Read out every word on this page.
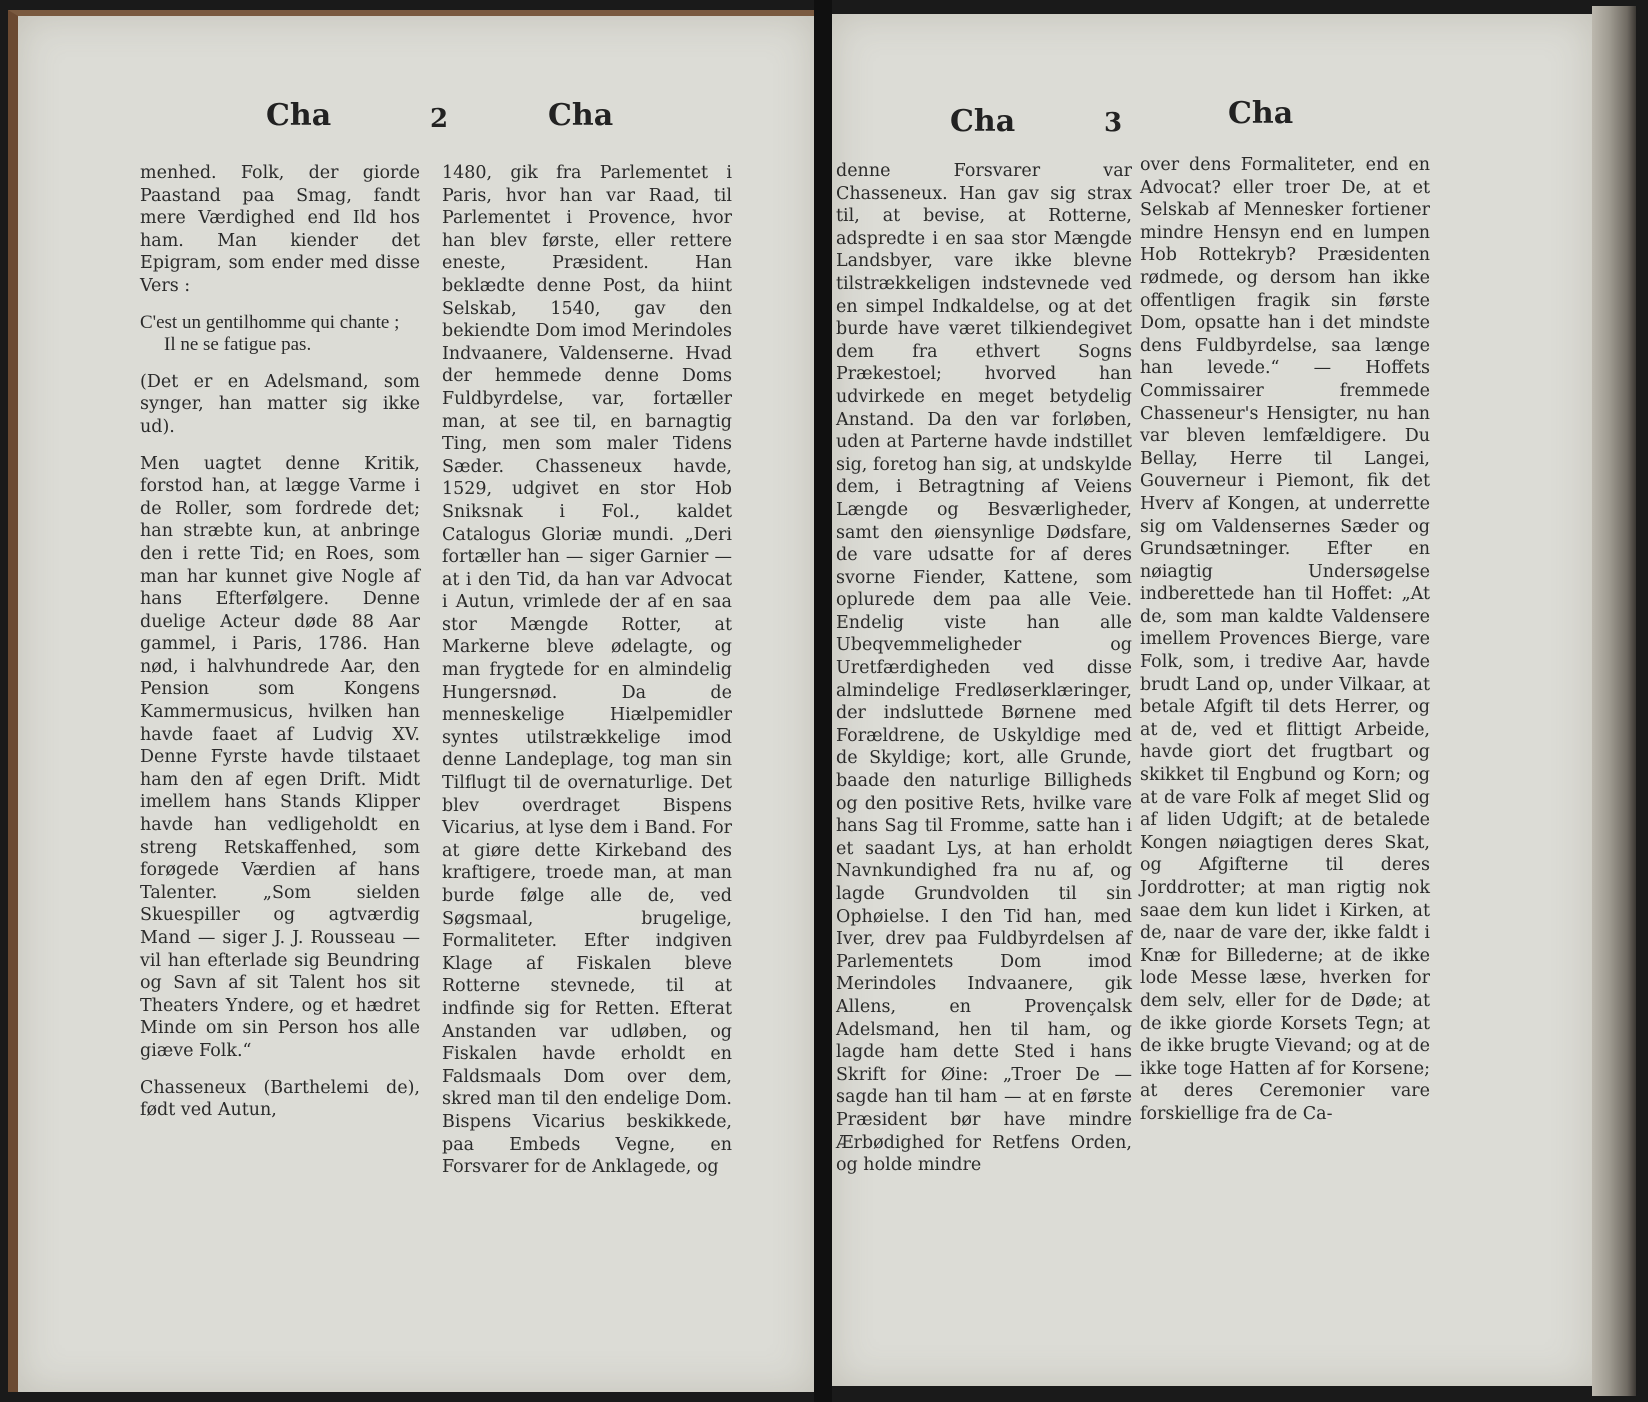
Cha	2	Cha

menhed. Folk, der giorde Paastand paa Smag, fandt mere Værdighed end Ild hos ham. Man kiender det Epigram, som ender med disse Vers :

C'est un gentilhomme qui chante ;

Il ne se fatigue pas.

(Det er en Adelsmand, som synger, han matter sig ikke ud).

Men uagtet denne Kritik, forstod han, at lægge Varme i de Roller, som fordrede det; han stræbte kun, at anbringe den i rette Tid; en Roes, som man har kunnet give Nogle af hans Efterfølgere. Denne duelige Acteur døde 88 Aar gammel, i Paris, 1786. Han nød, i halvhundrede Aar, den Pension som Kongens Kammermusicus, hvilken han havde faaet af Ludvig XV. Denne Fyrste havde tilstaaet ham den af egen Drift. Midt imellem hans Stands Klipper havde han vedligeholdt en streng Retskaffenhed, som forøgede Værdien af hans Talenter. „Som sielden Skuespiller og agtværdig Mand — siger J. J. Rousseau — vil han efterlade sig Beundring og Savn af sit Talent hos sit Theaters Yndere, og et hædret Minde om sin Person hos alle giæve Folk.“

Chasseneux (Barthelemi de), født ved Autun,

1480, gik fra Parlementet i Paris, hvor han var Raad, til Parlementet i Provence, hvor han blev første, eller rettere eneste, Præsident. Han beklædte denne Post, da hiint Selskab, 1540, gav den bekiendte Dom imod Merindoles Indvaanere, Valdenserne. Hvad der hemmede denne Doms Fuldbyrdelse, var, fortæller man, at see til, en barnagtig Ting, men som maler Tidens Sæder. Chasseneux havde, 1529, udgivet en stor Hob Sniksnak i Fol., kaldet Catalogus Gloriæ mundi. „Deri fortæller han — siger Garnier — at i den Tid, da han var Advocat i Autun, vrimlede der af en saa stor Mængde Rotter, at Markerne bleve ødelagte, og man frygtede for en almindelig Hungersnød. Da de menneskelige Hiælpemidler syntes utilstrækkelige imod denne Landeplage, tog man sin Tilflugt til de overnaturlige. Det blev overdraget Bispens Vicarius, at lyse dem i Band. For at giøre dette Kirkeband des kraftigere, troede man, at man burde følge alle de, ved Søgsmaal, brugelige, Formaliteter. Efter indgiven Klage af Fiskalen bleve Rotterne stevnede, til at indfinde sig for Retten. Efterat Anstanden var udløben, og Fiskalen havde erholdt en Faldsmaals Dom over dem, skred man til den endelige Dom. Bispens Vicarius beskikkede, paa Embeds Vegne, en Forsvarer for de Anklagede, og

Cha	3	Cha

denne Forsvarer var Chasseneux. Han gav sig strax til, at bevise, at Rotterne, adspredte i en saa stor Mængde Landsbyer, vare ikke blevne tilstrækkeligen indstevnede ved en simpel Indkaldelse, og at det burde have været tilkiendegivet dem fra ethvert Sogns Prækestoel; hvorved han udvirkede en meget betydelig Anstand. Da den var forløben, uden at Parterne havde indstillet sig, foretog han sig, at undskylde dem, i Betragtning af Veiens Længde og Besværligheder, samt den øiensynlige Dødsfare, de vare udsatte for af deres svorne Fiender, Kattene, som oplurede dem paa alle Veie. Endelig viste han alle Ubeqvemmeligheder og Uretfærdigheden ved disse almindelige Fredløserklæringer, der indsluttede Børnene med Forældrene, de Uskyldige med de Skyldige; kort, alle Grunde, baade den naturlige Billigheds og den positive Rets, hvilke vare hans Sag til Fromme, satte han i et saadant Lys, at han erholdt Navnkundighed fra nu af, og lagde Grundvolden til sin Ophøielse. I den Tid han, med Iver, drev paa Fuldbyrdelsen af Parlementets Dom imod Merindoles Indvaanere, gik Allens, en Provençalsk Adelsmand, hen til ham, og lagde ham dette Sted i hans Skrift for Øine: „Troer De — sagde han til ham — at en første Præsident bør have mindre Ærbødighed for Retfens Orden, og holde mindre

over dens Formaliteter, end en Advocat? eller troer De, at et Selskab af Mennesker fortiener mindre Hensyn end en lumpen Hob Rottekryb? Præsidenten rødmede, og dersom han ikke offentligen fragik sin første Dom, opsatte han i det mindste dens Fuldbyrdelse, saa længe han levede.“ — Hoffets Commissairer fremmede Chasseneur's Hensigter, nu han var bleven lemfældigere. Du Bellay, Herre til Langei, Gouverneur i Piemont, fik det Hverv af Kongen, at underrette sig om Valdensernes Sæder og Grundsætninger. Efter en nøiagtig Undersøgelse indberettede han til Hoffet: „At de, som man kaldte Valdensere imellem Provences Bierge, vare Folk, som, i tredive Aar, havde brudt Land op, under Vilkaar, at betale Afgift til dets Herrer, og at de, ved et flittigt Arbeide, havde giort det frugtbart og skikket til Engbund og Korn; og at de vare Folk af meget Slid og af liden Udgift; at de betalede Kongen nøiagtigen deres Skat, og Afgifterne til deres Jorddrotter; at man rigtig nok saae dem kun lidet i Kirken, at de, naar de vare der, ikke faldt i Knæ for Billederne; at de ikke lode Messe læse, hverken for dem selv, eller for de Døde; at de ikke giorde Korsets Tegn; at de ikke brugte Vievand; og at de ikke toge Hatten af for Korsene; at deres Ceremonier vare forskiellige fra de Ca-
